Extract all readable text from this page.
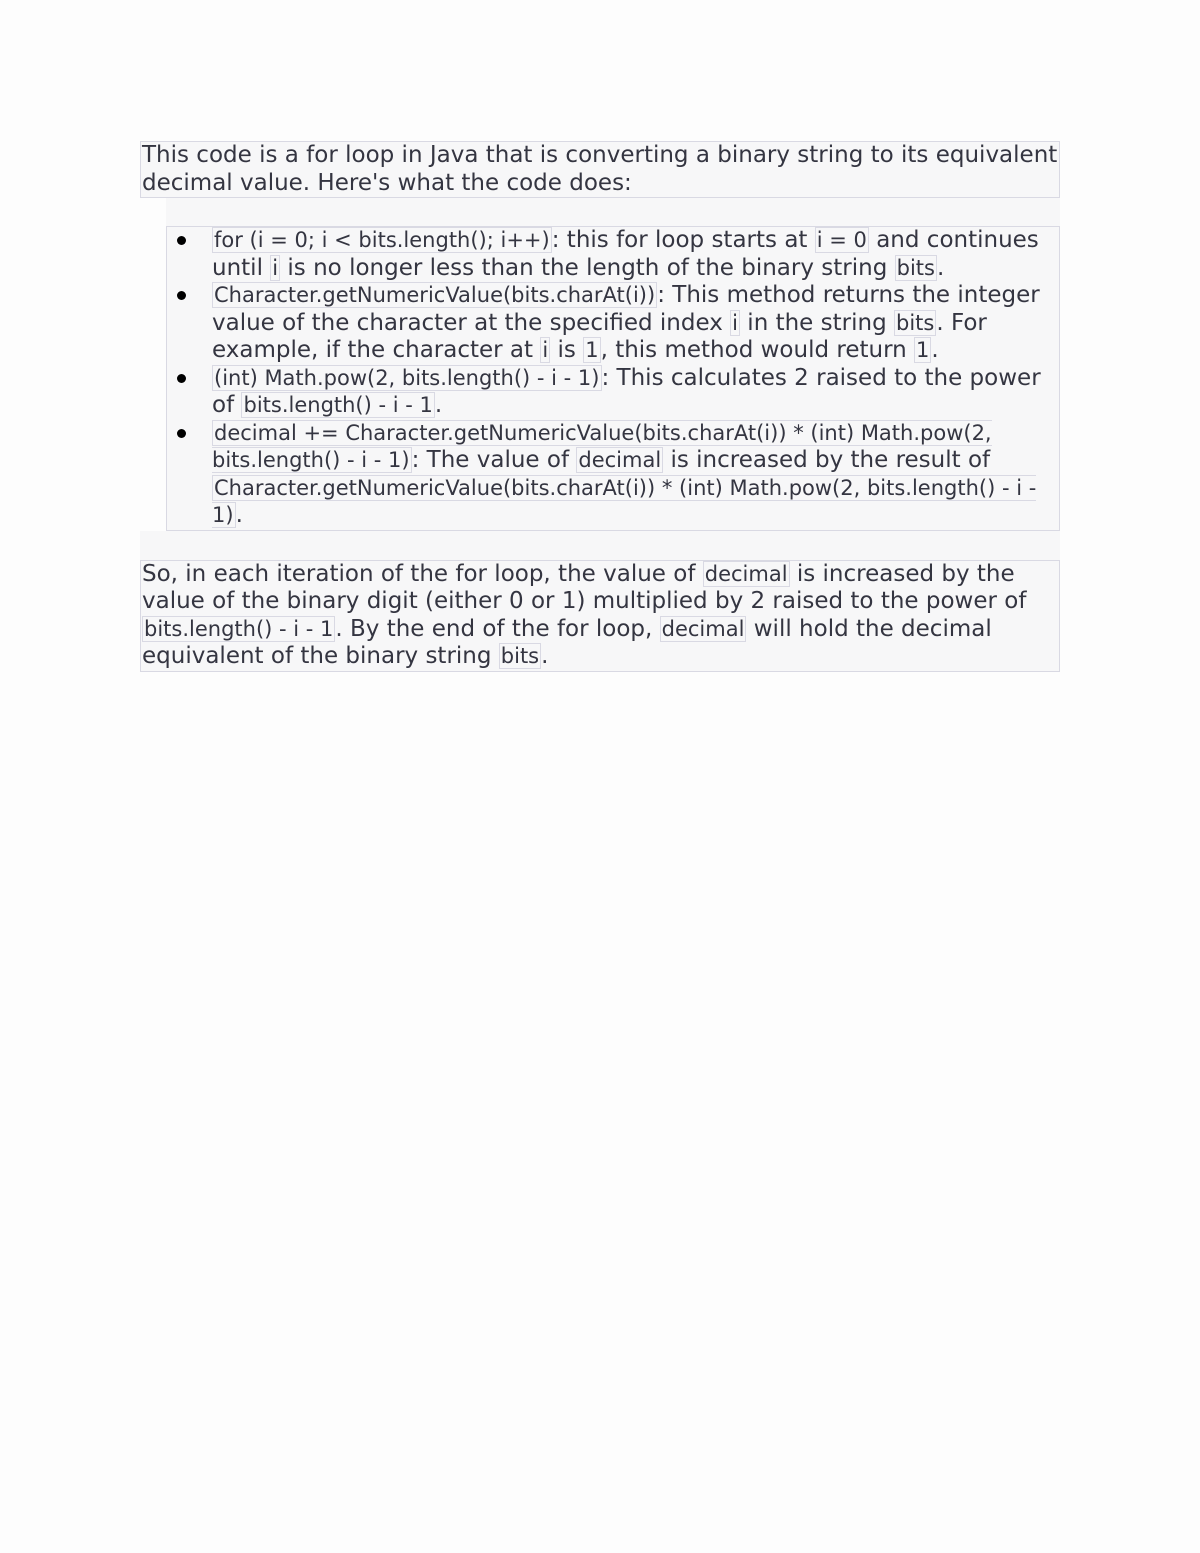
This code is a for loop in Java that is converting a binary string to its equivalent decimal value. Here's what the code does:

for (i = 0; i < bits.length(); i++): this for loop starts at i = 0 and continues until i is no longer less than the length of the binary string bits.
Character.getNumericValue(bits.charAt(i)): This method returns the integer value of the character at the specified index i in the string bits. For example, if the character at i is 1, this method would return 1.
(int) Math.pow(2, bits.length() - i - 1): This calculates 2 raised to the power of bits.length() - i - 1.
decimal += Character.getNumericValue(bits.charAt(i)) * (int) Math.pow(2, bits.length() - i - 1): The value of decimal is increased by the result of Character.getNumericValue(bits.charAt(i)) * (int) Math.pow(2, bits.length() - i - 1).

So, in each iteration of the for loop, the value of decimal is increased by the value of the binary digit (either 0 or 1) multiplied by 2 raised to the power of bits.length() - i - 1. By the end of the for loop, decimal will hold the decimal equivalent of the binary string bits.
